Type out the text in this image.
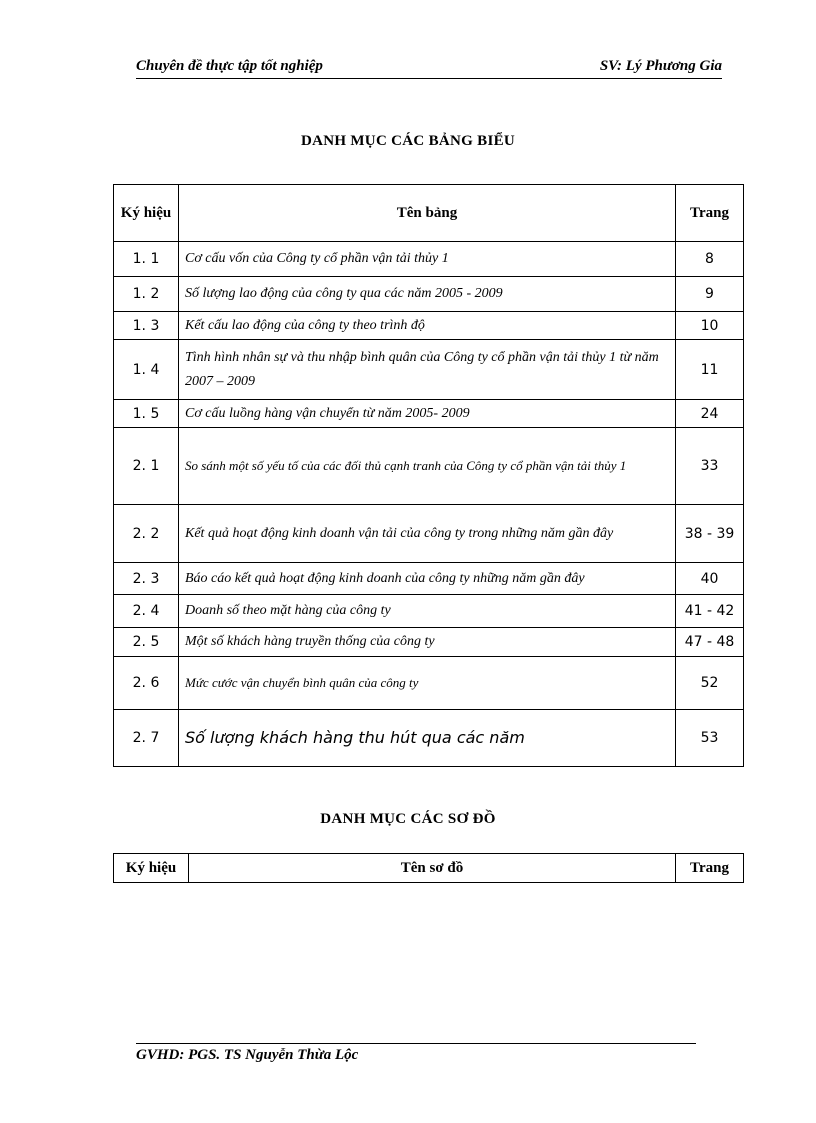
Chuyên đề thực tập tốt nghiệp	SV: Lý Phương Gia
DANH MỤC CÁC BẢNG BIỂU
Ký hiệu	Tên bảng	Trang
1. 1	Cơ cấu vốn của Công ty cổ phần vận tải thủy 1	8
1. 2	Số lượng lao động của công ty qua các năm 2005 - 2009	9
1. 3	Kết cấu lao động của công ty theo trình độ	10
1. 4	Tình hình nhân sự và thu nhập bình quân của Công ty cổ phần vận tải thủy 1 từ năm 2007 – 2009	11
1. 5	Cơ cấu luồng hàng vận chuyển từ năm 2005- 2009	24
2. 1	So sánh một số yếu tố của các đối thủ cạnh tranh của Công ty cổ phần vận tải thủy 1	33
2. 2	Kết quả hoạt động kinh doanh vận tải của công ty trong những năm gần đây	38 - 39
2. 3	Báo cáo kết quả hoạt động kinh doanh của công ty những năm gần đây	40
2. 4	Doanh số theo mặt hàng của công ty	41 - 42
2. 5	Một số khách hàng truyền thống của công ty	47 - 48
2. 6	Mức cước vận chuyển bình quân của công ty	52
2. 7	Số lượng khách hàng thu hút qua các năm	53
DANH MỤC CÁC SƠ ĐỒ
Ký hiệu	Tên sơ đồ	Trang
GVHD: PGS. TS Nguyễn Thừa Lộc
